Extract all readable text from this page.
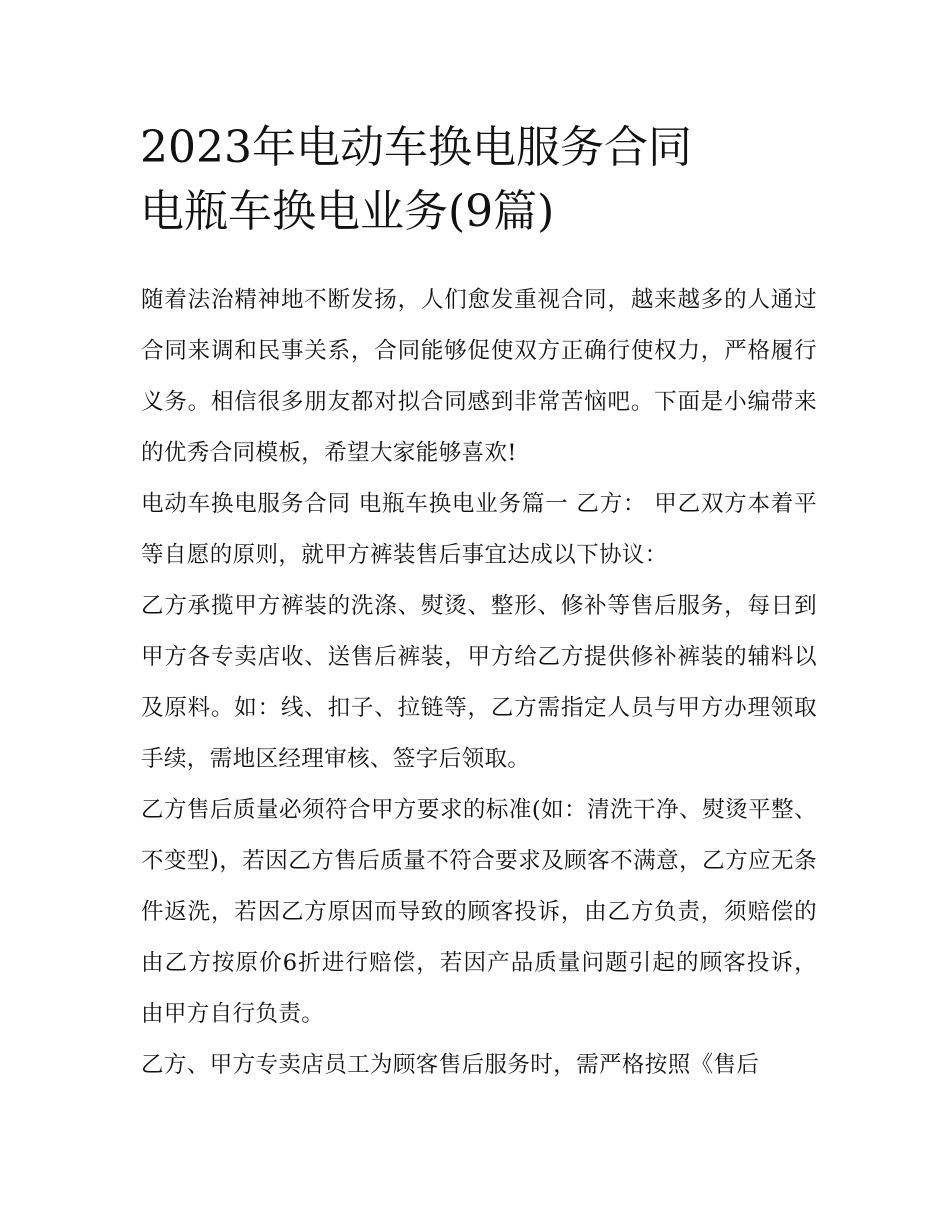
2023年电动车换电服务合同
电瓶车换电业务(9篇)

随着法治精神地不断发扬，人们愈发重视合同，越来越多的人通过合同来调和民事关系，合同能够促使双方正确行使权力，严格履行义务。相信很多朋友都对拟合同感到非常苦恼吧。下面是小编带来的优秀合同模板，希望大家能够喜欢!

电动车换电服务合同 电瓶车换电业务篇一 乙方： 甲乙双方本着平等自愿的原则，就甲方裤装售后事宜达成以下协议：

乙方承揽甲方裤装的洗涤、熨烫、整形、修补等售后服务，每日到甲方各专卖店收、送售后裤装，甲方给乙方提供修补裤装的辅料以及原料。如：线、扣子、拉链等，乙方需指定人员与甲方办理领取手续，需地区经理审核、签字后领取。

乙方售后质量必须符合甲方要求的标准(如：清洗干净、熨烫平整、不变型)，若因乙方售后质量不符合要求及顾客不满意，乙方应无条件返洗，若因乙方原因而导致的顾客投诉，由乙方负责，须赔偿的由乙方按原价6折进行赔偿，若因产品质量问题引起的顾客投诉，由甲方自行负责。

乙方、甲方专卖店员工为顾客售后服务时，需严格按照《售后
